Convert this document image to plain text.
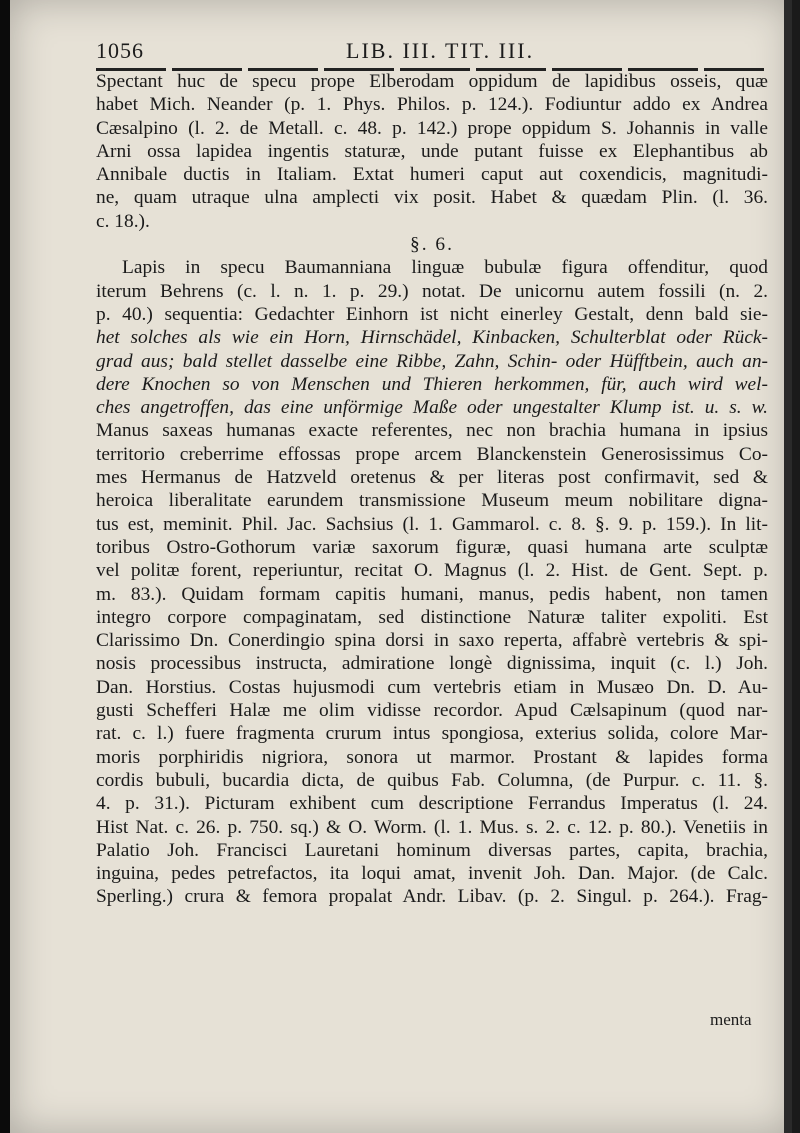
1056	LIB. III. TIT. III.
Spectant huc de specu prope Elberodam oppidum de lapidibus osseis, quæ
habet Mich. Neander (p. 1. Phys. Philos. p. 124.). Fodiuntur addo ex Andrea
Cæsalpino (l. 2. de Metall. c. 48. p. 142.) prope oppidum S. Johannis in valle
Arni ossa lapidea ingentis staturæ, unde putant fuisse ex Elephantibus ab
Annibale ductis in Italiam. Extat humeri caput aut coxendicis, magnitudi-
ne, quam utraque ulna amplecti vix posit. Habet & quædam Plin. (l. 36.
c. 18.).
§. 6.
Lapis in specu Baumanniana linguæ bubulæ figura offenditur, quod
iterum Behrens (c. l. n. 1. p. 29.) notat. De unicornu autem fossili (n. 2.
p. 40.) sequentia: Gedachter Einhorn ist nicht einerley Gestalt, denn bald sie-
het solches als wie ein Horn, Hirnschädel, Kinbacken, Schulterblat oder Rück-
grad aus; bald stellet dasselbe eine Ribbe, Zahn, Schin- oder Hüfftbein, auch an-
dere Knochen so von Menschen und Thieren herkommen, für, auch wird wel-
ches angetroffen, das eine unförmige Maße oder ungestalter Klump ist. u. s. w.
Manus saxeas humanas exacte referentes, nec non brachia humana in ipsius
territorio creberrime effossas prope arcem Blanckenstein Generosissimus Co-
mes Hermanus de Hatzveld oretenus & per literas post confirmavit, sed &
heroica liberalitate earundem transmissione Museum meum nobilitare digna-
tus est, meminit. Phil. Jac. Sachsius (l. 1. Gammarol. c. 8. §. 9. p. 159.). In lit-
toribus Ostro-Gothorum variæ saxorum figuræ, quasi humana arte sculptæ
vel politæ forent, reperiuntur, recitat O. Magnus (l. 2. Hist. de Gent. Sept. p.
m. 83.). Quidam formam capitis humani, manus, pedis habent, non tamen
integro corpore compaginatam, sed distinctione Naturæ taliter expoliti. Est
Clarissimo Dn. Conerdingio spina dorsi in saxo reperta, affabrè vertebris & spi-
nosis processibus instructa, admiratione longè dignissima, inquit (c. l.) Joh.
Dan. Horstius. Costas hujusmodi cum vertebris etiam in Musæo Dn. D. Au-
gusti Schefferi Halæ me olim vidisse recordor. Apud Cælsapinum (quod nar-
rat. c. l.) fuere fragmenta crurum intus spongiosa, exterius solida, colore Mar-
moris porphiridis nigriora, sonora ut marmor. Prostant & lapides forma
cordis bubuli, bucardia dicta, de quibus Fab. Columna, (de Purpur. c. 11. §.
4. p. 31.). Picturam exhibent cum descriptione Ferrandus Imperatus (l. 24.
Hist Nat. c. 26. p. 750. sq.) & O. Worm. (l. 1. Mus. s. 2. c. 12. p. 80.). Venetiis in
Palatio Joh. Francisci Lauretani hominum diversas partes, capita, brachia,
inguina, pedes petrefactos, ita loqui amat, invenit Joh. Dan. Major. (de Calc.
Sperling.) crura & femora propalat Andr. Libav. (p. 2. Singul. p. 264.). Frag-
menta
